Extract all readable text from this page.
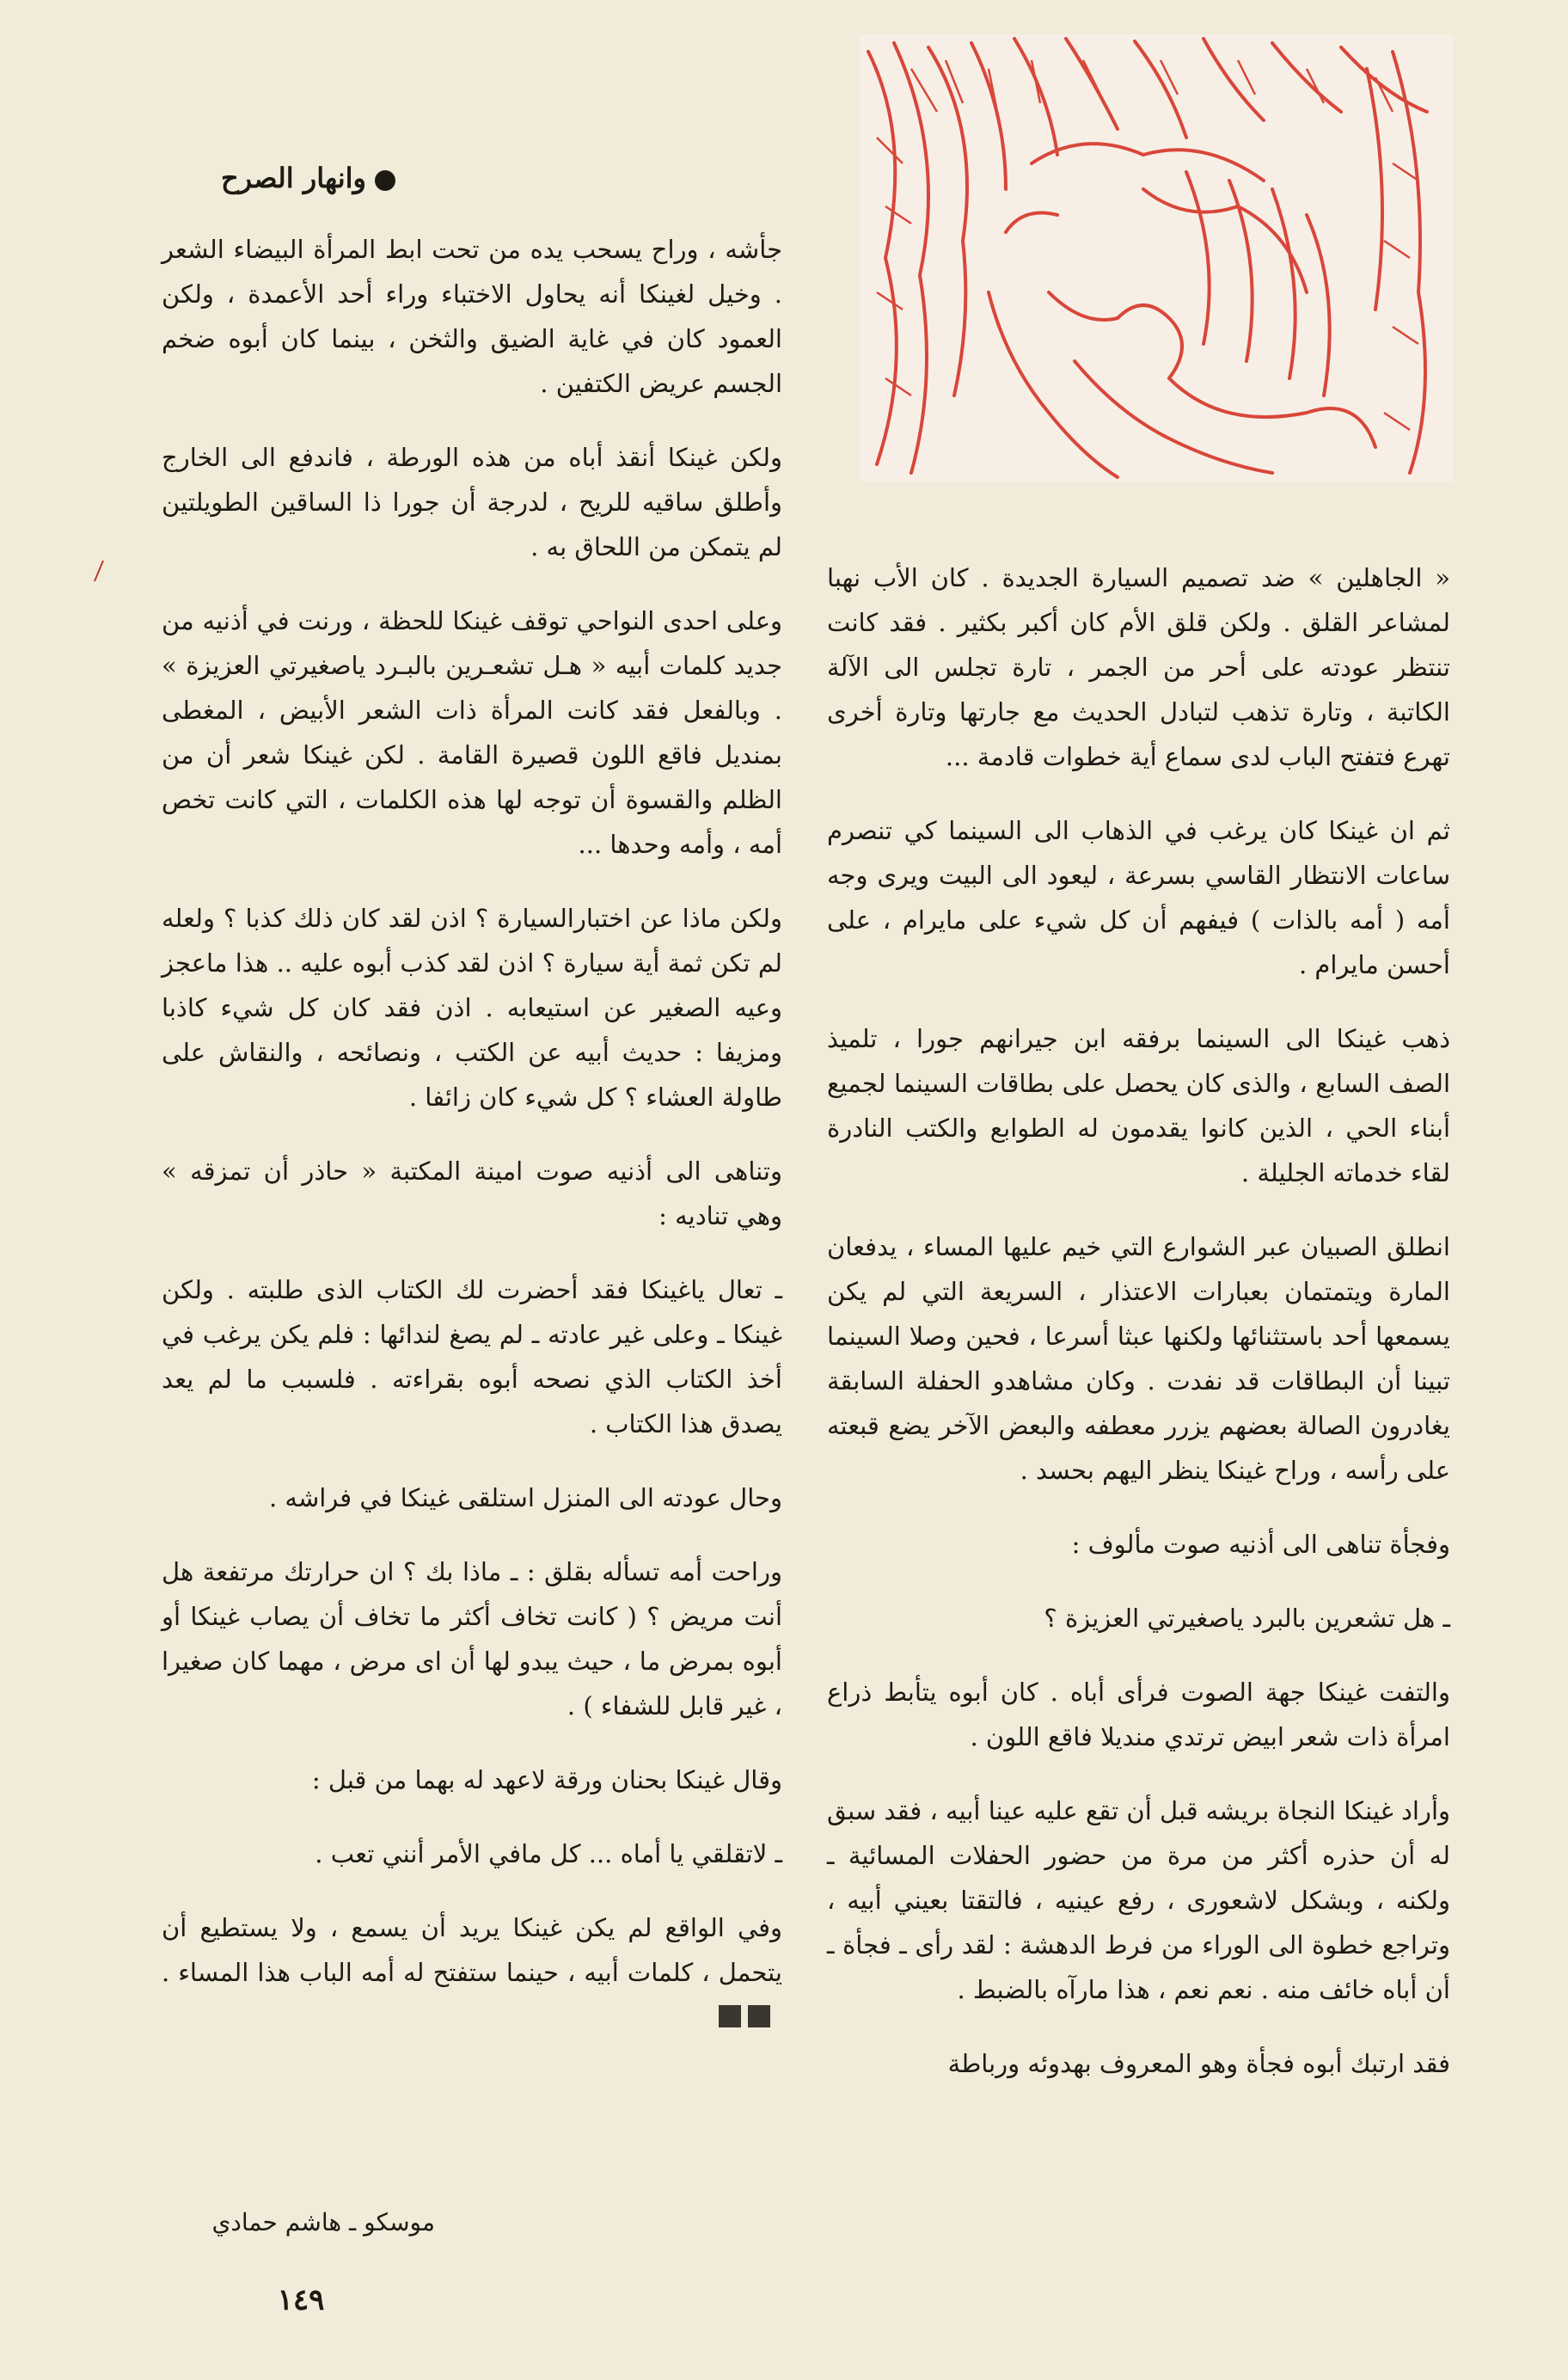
وانهار الصرح

جأشه ، وراح يسحب يده من تحت ابط المرأة البيضاء الشعر . وخيل لغينكا أنه يحاول الاختباء وراء أحد الأعمدة ، ولكن العمود كان في غاية الضيق والثخن ، بينما كان أبوه ضخم الجسم عريض الكتفين .

ولكن غينكا أنقذ أباه من هذه الورطة ، فاندفع الى الخارج وأطلق ساقيه للريح ، لدرجة أن جورا ذا الساقين الطويلتين لم يتمكن من اللحاق به .

وعلى احدى النواحي توقف غينكا للحظة ، ورنت في أذنيه من جديد كلمات أبيه « هـل تشعـرين بالبـرد ياصغيرتي العزيزة » . وبالفعل فقد كانت المرأة ذات الشعر الأبيض ، المغطى بمنديل فاقع اللون قصيرة القامة . لكن غينكا شعر أن من الظلم والقسوة أن توجه لها هذه الكلمات ، التي كانت تخص أمه ، وأمه وحدها ...

ولكن ماذا عن اختبارالسيارة ؟ اذن لقد كان ذلك كذبا ؟ ولعله لم تكن ثمة أية سيارة ؟ اذن لقد كذب أبوه عليه .. هذا ماعجز وعيه الصغير عن استيعابه . اذن فقد كان كل شيء كاذبا ومزيفا : حديث أبيه عن الكتب ، ونصائحه ، والنقاش على طاولة العشاء ؟ كل شيء كان زائفا .

وتناهى الى أذنيه صوت امينة المكتبة « حاذر أن تمزقه » وهي تناديه :

ـ تعال ياغينكا فقد أحضرت لك الكتاب الذى طلبته . ولكن غينكا ـ وعلى غير عادته ـ لم يصغ لندائها : فلم يكن يرغب في أخذ الكتاب الذي نصحه أبوه بقراءته . فلسبب ما لم يعد يصدق هذا الكتاب .

وحال عودته الى المنزل استلقى غينكا في فراشه .

وراحت أمه تسأله بقلق : ـ ماذا بك ؟ ان حرارتك مرتفعة هل أنت مريض ؟ ( كانت تخاف أكثر ما تخاف أن يصاب غينكا أو أبوه بمرض ما ، حيث يبدو لها أن اى مرض ، مهما كان صغيرا ، غير قابل للشفاء ) .

وقال غينكا بحنان ورقة لاعهد له بهما من قبل :

ـ لاتقلقي يا أماه ... كل مافي الأمر أنني تعب .

وفي الواقع لم يكن غينكا يريد أن يسمع ، ولا يستطيع أن يتحمل ، كلمات أبيه ، حينما ستفتح له أمه الباب هذا المساء .

« الجاهلين » ضد تصميم السيارة الجديدة . كان الأب نهبا لمشاعر القلق . ولكن قلق الأم كان أكبر بكثير . فقد كانت تنتظر عودته على أحر من الجمر ، تارة تجلس الى الآلة الكاتبة ، وتارة تذهب لتبادل الحديث مع جارتها وتارة أخرى تهرع فتفتح الباب لدى سماع أية خطوات قادمة ...

ثم ان غينكا كان يرغب في الذهاب الى السينما كي تنصرم ساعات الانتظار القاسي بسرعة ، ليعود الى البيت ويرى وجه أمه ( أمه بالذات ) فيفهم أن كل شيء على مايرام ، على أحسن مايرام .

ذهب غينكا الى السينما برفقه ابن جيرانهم جورا ، تلميذ الصف السابع ، والذى كان يحصل على بطاقات السينما لجميع أبناء الحي ، الذين كانوا يقدمون له الطوابع والكتب النادرة لقاء خدماته الجليلة .

انطلق الصبيان عبر الشوارع التي خيم عليها المساء ، يدفعان المارة ويتمتمان بعبارات الاعتذار ، السريعة التي لم يكن يسمعها أحد باستثنائها ولكنها عبثا أسرعا ، فحين وصلا السينما تبينا أن البطاقات قد نفدت . وكان مشاهدو الحفلة السابقة يغادرون الصالة بعضهم يزرر معطفه والبعض الآخر يضع قبعته على رأسه ، وراح غينكا ينظر اليهم بحسد .

وفجأة تناهى الى أذنيه صوت مألوف :

ـ هل تشعرين بالبرد ياصغيرتي العزيزة ؟

والتفت غينكا جهة الصوت فرأى أباه . كان أبوه يتأبط ذراع امرأة ذات شعر ابيض ترتدي منديلا فاقع اللون .

وأراد غينكا النجاة بريشه قبل أن تقع عليه عينا أبيه ، فقد سبق له أن حذره أكثر من مرة من حضور الحفلات المسائية ـ ولكنه ، وبشكل لاشعورى ، رفع عينيه ، فالتقتا بعيني أبيه ، وتراجع خطوة الى الوراء من فرط الدهشة : لقد رأى ـ فجأة ـ أن أباه خائف منه . نعم نعم ، هذا مارآه بالضبط .

فقد ارتبك أبوه فجأة وهو المعروف بهدوئه ورباطة

موسكو ـ هاشم حمادي
١٤٩
